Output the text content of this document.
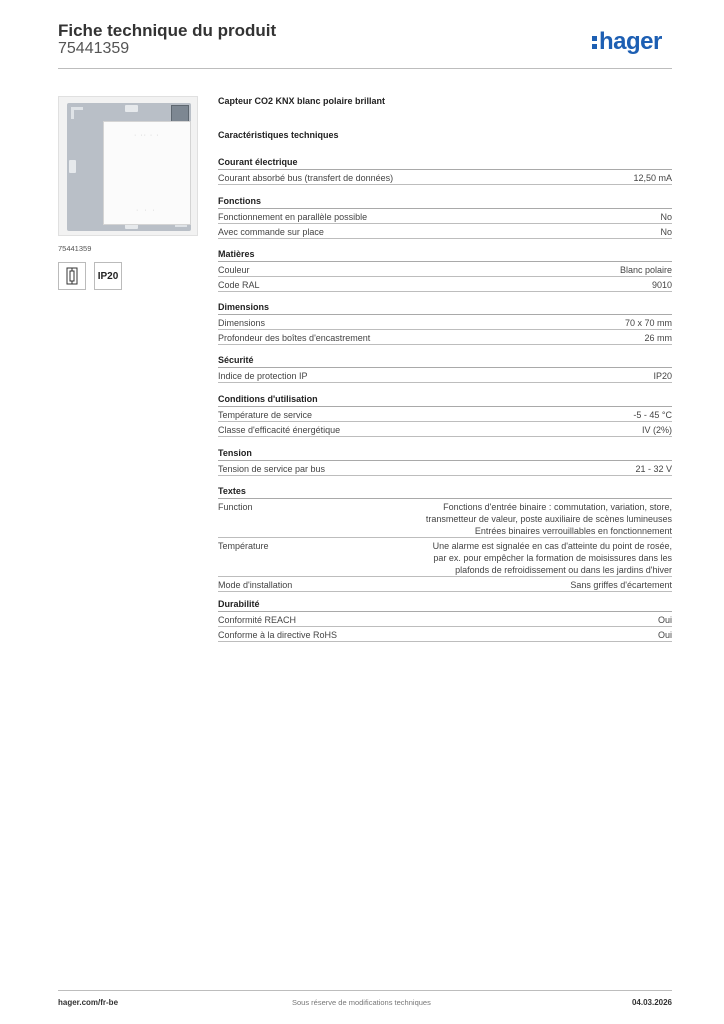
Fiche technique du produit
75441359	hager
· ·· · ·
· · ·
75441359
IP20
Capteur CO2 KNX blanc polaire brillant
Caractéristiques techniques
Courant électrique
Courant absorbé bus (transfert de données)	12,50 mA
Fonctions
Fonctionnement en parallèle possible	No
Avec commande sur place	No
Matières
Couleur	Blanc polaire
Code RAL	9010
Dimensions
Dimensions	70 x 70 mm
Profondeur des boîtes d'encastrement	26 mm
Sécurité
Indice de protection IP	IP20
Conditions d'utilisation
Température de service	-5 - 45 °C
Classe d'efficacité énergétique	IV (2%)
Tension
Tension de service par bus	21 - 32 V
Textes
Function	Fonctions d'entrée binaire : commutation, variation, store,
transmetteur de valeur, poste auxiliaire de scènes lumineuses
Entrées binaires verrouillables en fonctionnement
Température	Une alarme est signalée en cas d'atteinte du point de rosée,
par ex. pour empêcher la formation de moisissures dans les
plafonds de refroidissement ou dans les jardins d'hiver
Mode d'installation	Sans griffes d'écartement
Durabilité
Conformité REACH	Oui
Conforme à la directive RoHS	Oui
hager.com/fr-be	Sous réserve de modifications techniques	04.03.2026
